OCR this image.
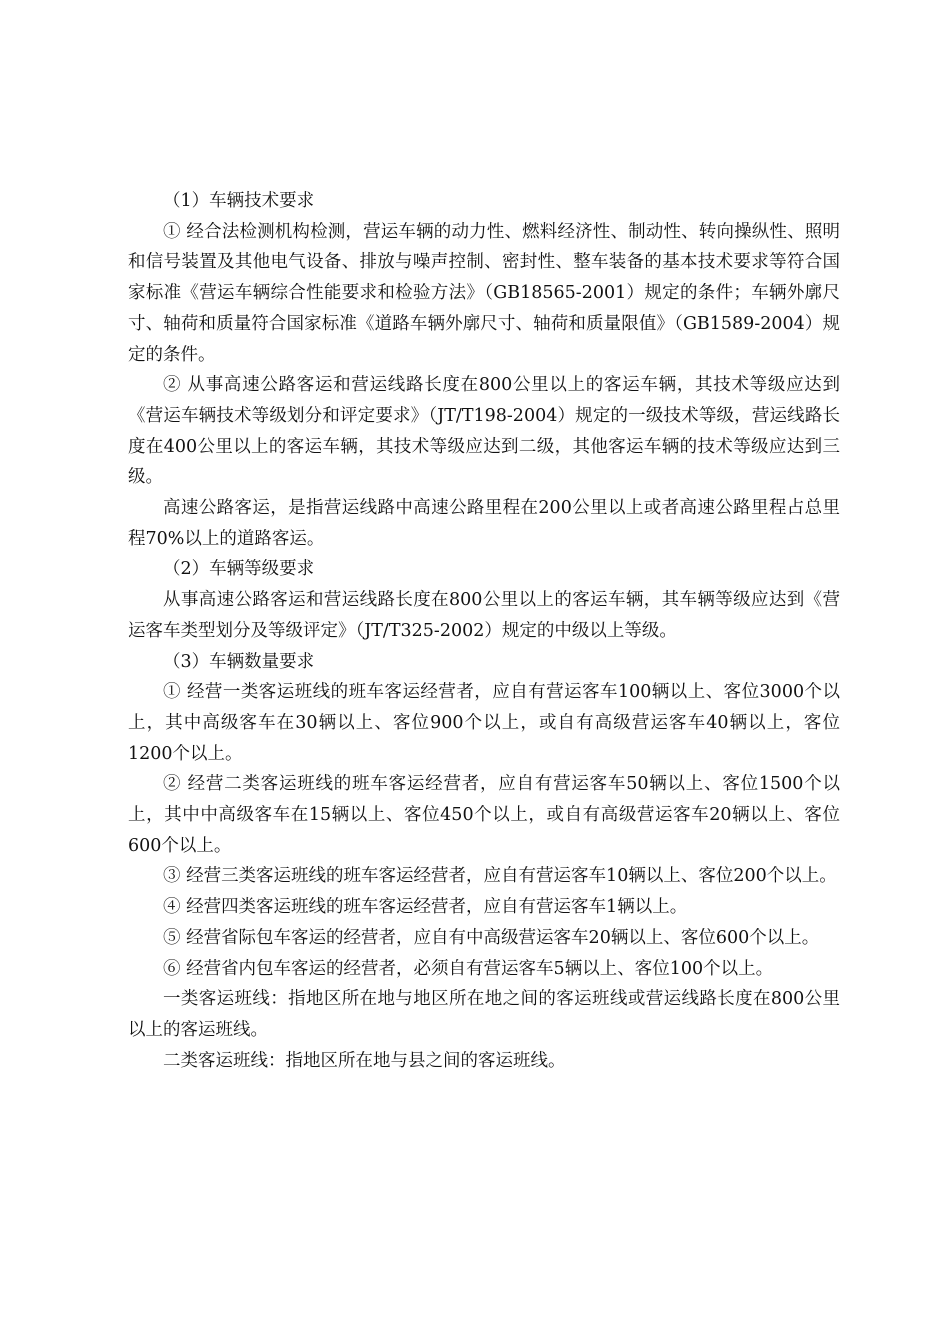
（1）车辆技术要求

① 经合法检测机构检测，营运车辆的动力性、燃料经济性、制动性、转向操纵性、照明和信号装置及其他电气设备、排放与噪声控制、密封性、整车装备的基本技术要求等符合国家标准《营运车辆综合性能要求和检验方法》（GB18565-2001）规定的条件；车辆外廓尺寸、轴荷和质量符合国家标准《道路车辆外廓尺寸、轴荷和质量限值》（GB1589-2004）规定的条件。

② 从事高速公路客运和营运线路长度在800公里以上的客运车辆，其技术等级应达到《营运车辆技术等级划分和评定要求》（JT/T198-2004）规定的一级技术等级，营运线路长度在400公里以上的客运车辆，其技术等级应达到二级，其他客运车辆的技术等级应达到三级。

高速公路客运，是指营运线路中高速公路里程在200公里以上或者高速公路里程占总里程70%以上的道路客运。

（2）车辆等级要求

从事高速公路客运和营运线路长度在800公里以上的客运车辆，其车辆等级应达到《营运客车类型划分及等级评定》（JT/T325-2002）规定的中级以上等级。

（3）车辆数量要求

① 经营一类客运班线的班车客运经营者，应自有营运客车100辆以上、客位3000个以上，其中高级客车在30辆以上、客位900个以上，或自有高级营运客车40辆以上，客位1200个以上。

② 经营二类客运班线的班车客运经营者，应自有营运客车50辆以上、客位1500个以上，其中中高级客车在15辆以上、客位450个以上，或自有高级营运客车20辆以上、客位600个以上。

③ 经营三类客运班线的班车客运经营者，应自有营运客车10辆以上、客位200个以上。

④ 经营四类客运班线的班车客运经营者，应自有营运客车1辆以上。

⑤ 经营省际包车客运的经营者，应自有中高级营运客车20辆以上、客位600个以上。

⑥ 经营省内包车客运的经营者，必须自有营运客车5辆以上、客位100个以上。

一类客运班线：指地区所在地与地区所在地之间的客运班线或营运线路长度在800公里以上的客运班线。

二类客运班线：指地区所在地与县之间的客运班线。
